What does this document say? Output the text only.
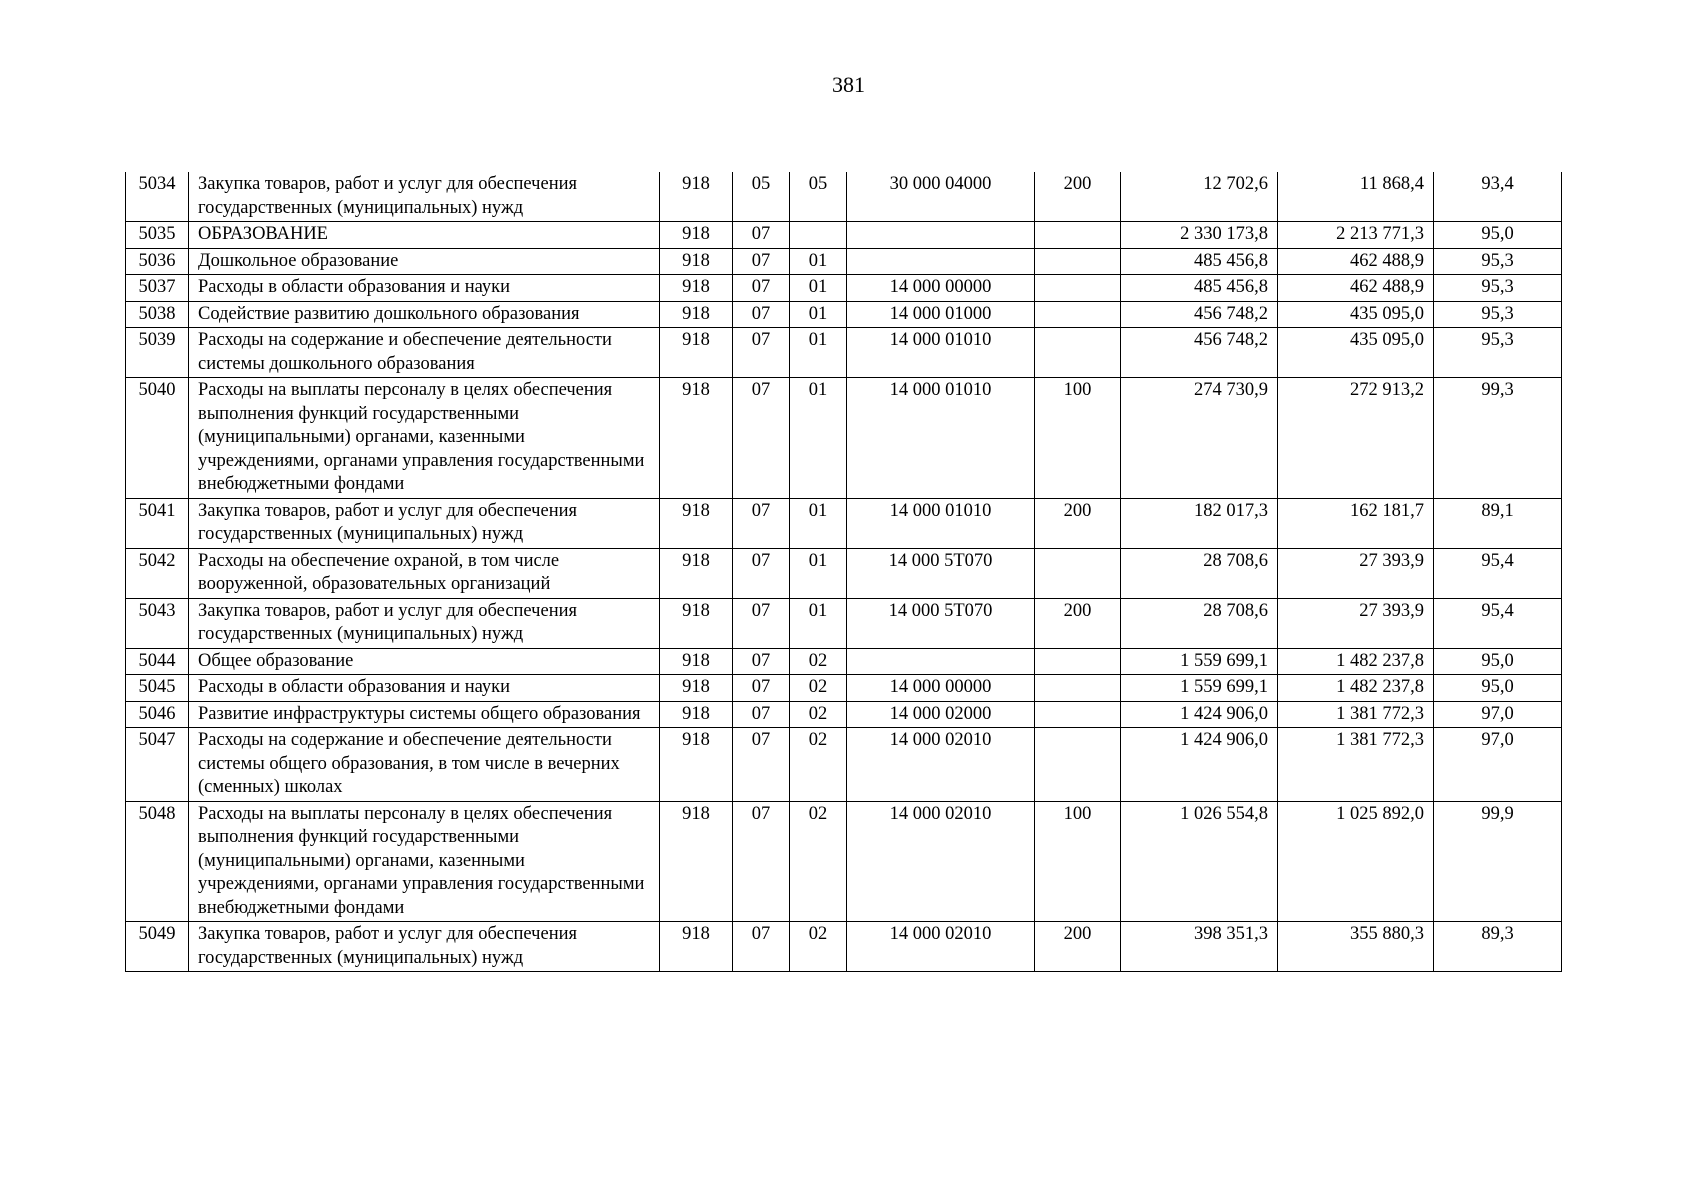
381
5034	Закупка товаров, работ и услуг для обеспечения государственных (муниципальных) нужд	918	05	05	30 000 04000	200	12 702,6	11 868,4	93,4
5035	ОБРАЗОВАНИЕ	918	07				2 330 173,8	2 213 771,3	95,0
5036	Дошкольное образование	918	07	01			485 456,8	462 488,9	95,3
5037	Расходы в области образования и науки	918	07	01	14 000 00000		485 456,8	462 488,9	95,3
5038	Содействие развитию дошкольного образования	918	07	01	14 000 01000		456 748,2	435 095,0	95,3
5039	Расходы на содержание и обеспечение деятельности системы дошкольного образования	918	07	01	14 000 01010		456 748,2	435 095,0	95,3
5040	Расходы на выплаты персоналу в целях обеспечения выполнения функций государственными (муниципальными) органами, казенными учреждениями, органами управления государственными внебюджетными фондами	918	07	01	14 000 01010	100	274 730,9	272 913,2	99,3
5041	Закупка товаров, работ и услуг для обеспечения государственных (муниципальных) нужд	918	07	01	14 000 01010	200	182 017,3	162 181,7	89,1
5042	Расходы на обеспечение охраной, в том числе вооруженной, образовательных организаций	918	07	01	14 000 5Т070		28 708,6	27 393,9	95,4
5043	Закупка товаров, работ и услуг для обеспечения государственных (муниципальных) нужд	918	07	01	14 000 5Т070	200	28 708,6	27 393,9	95,4
5044	Общее образование	918	07	02			1 559 699,1	1 482 237,8	95,0
5045	Расходы в области образования и науки	918	07	02	14 000 00000		1 559 699,1	1 482 237,8	95,0
5046	Развитие инфраструктуры системы общего образования	918	07	02	14 000 02000		1 424 906,0	1 381 772,3	97,0
5047	Расходы на содержание и обеспечение деятельности системы общего образования, в том числе в вечерних (сменных) школах	918	07	02	14 000 02010		1 424 906,0	1 381 772,3	97,0
5048	Расходы на выплаты персоналу в целях обеспечения выполнения функций государственными (муниципальными) органами, казенными учреждениями, органами управления государственными внебюджетными фондами	918	07	02	14 000 02010	100	1 026 554,8	1 025 892,0	99,9
5049	Закупка товаров, работ и услуг для обеспечения государственных (муниципальных) нужд	918	07	02	14 000 02010	200	398 351,3	355 880,3	89,3
